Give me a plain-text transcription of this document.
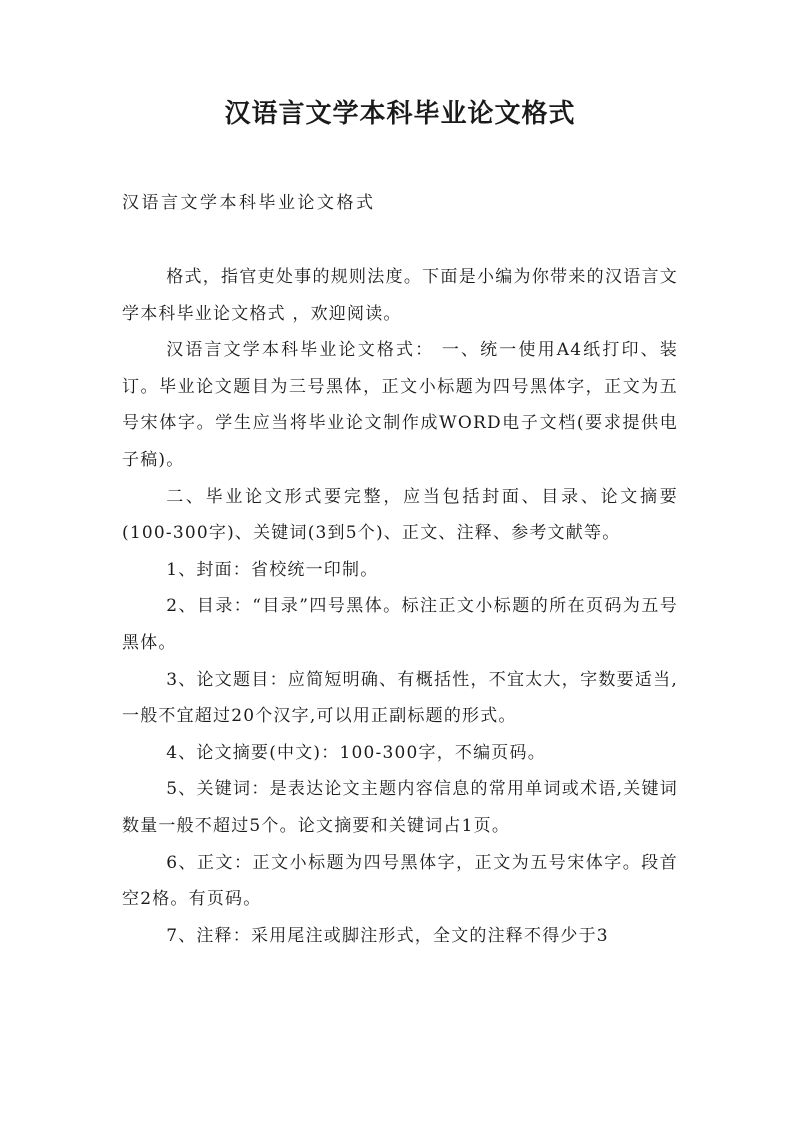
汉语言文学本科毕业论文格式
汉语言文学本科毕业论文格式

格式，指官吏处事的规则法度。下面是小编为你带来的汉语言文学本科毕业论文格式 ，欢迎阅读。

汉语言文学本科毕业论文格式： 一、统一使用A4纸打印、装订。毕业论文题目为三号黑体，正文小标题为四号黑体字，正文为五号宋体字。学生应当将毕业论文制作成WORD电子文档(要求提供电子稿)。

二、毕业论文形式要完整，应当包括封面、目录、论文摘要(100-300字)、关键词(3到5个)、正文、注释、参考文献等。

1、封面：省校统一印制。

2、目录：“目录”四号黑体。标注正文小标题的所在页码为五号黑体。

3、论文题目：应简短明确、有概括性，不宜太大，字数要适当,一般不宜超过20个汉字,可以用正副标题的形式。

4、论文摘要(中文)：100-300字，不编页码。

5、关键词：是表达论文主题内容信息的常用单词或术语,关键词数量一般不超过5个。论文摘要和关键词占1页。

6、正文：正文小标题为四号黑体字，正文为五号宋体字。段首空2格。有页码。

7、注释：采用尾注或脚注形式，全文的注释不得少于3
